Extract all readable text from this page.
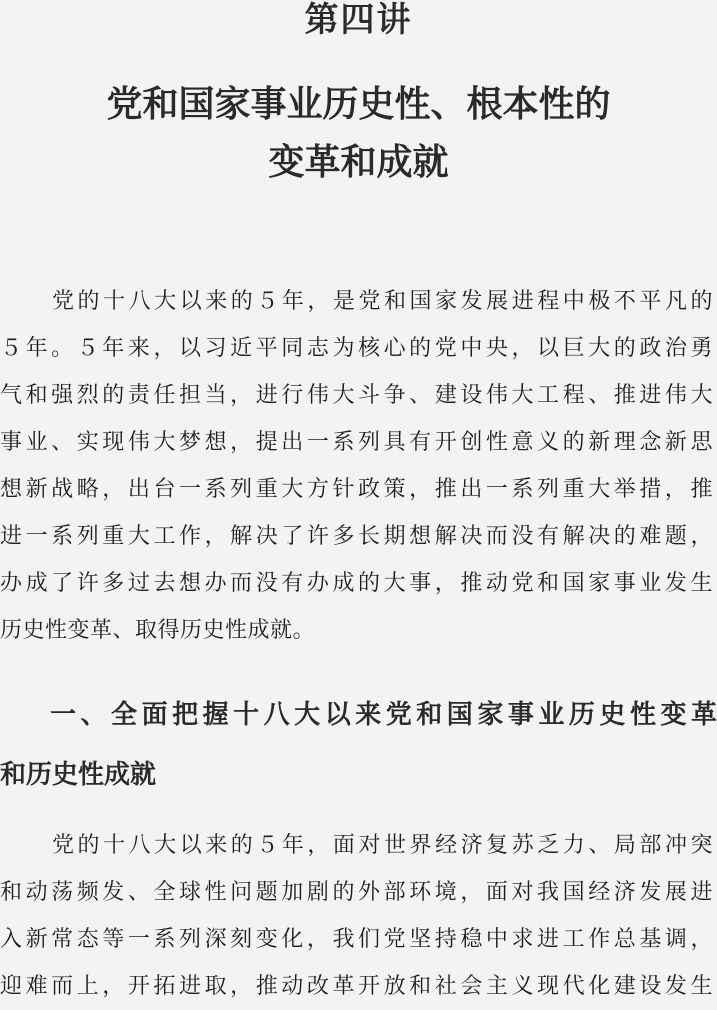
第四讲
党和国家事业历史性、根本性的
变革和成就
党的十八大以来的５年，是党和国家发展进程中极不平凡的
５年。５年来，以习近平同志为核心的党中央，以巨大的政治勇
气和强烈的责任担当，进行伟大斗争、建设伟大工程、推进伟大
事业、实现伟大梦想，提出一系列具有开创性意义的新理念新思
想新战略，出台一系列重大方针政策，推出一系列重大举措，推
进一系列重大工作，解决了许多长期想解决而没有解决的难题，
办成了许多过去想办而没有办成的大事，推动党和国家事业发生
历史性变革、取得历史性成就。
一、全面把握十八大以来党和国家事业历史性变革
和历史性成就
党的十八大以来的５年，面对世界经济复苏乏力、局部冲突
和动荡频发、全球性问题加剧的外部环境，面对我国经济发展进
入新常态等一系列深刻变化，我们党坚持稳中求进工作总基调，
迎难而上，开拓进取，推动改革开放和社会主义现代化建设发生
